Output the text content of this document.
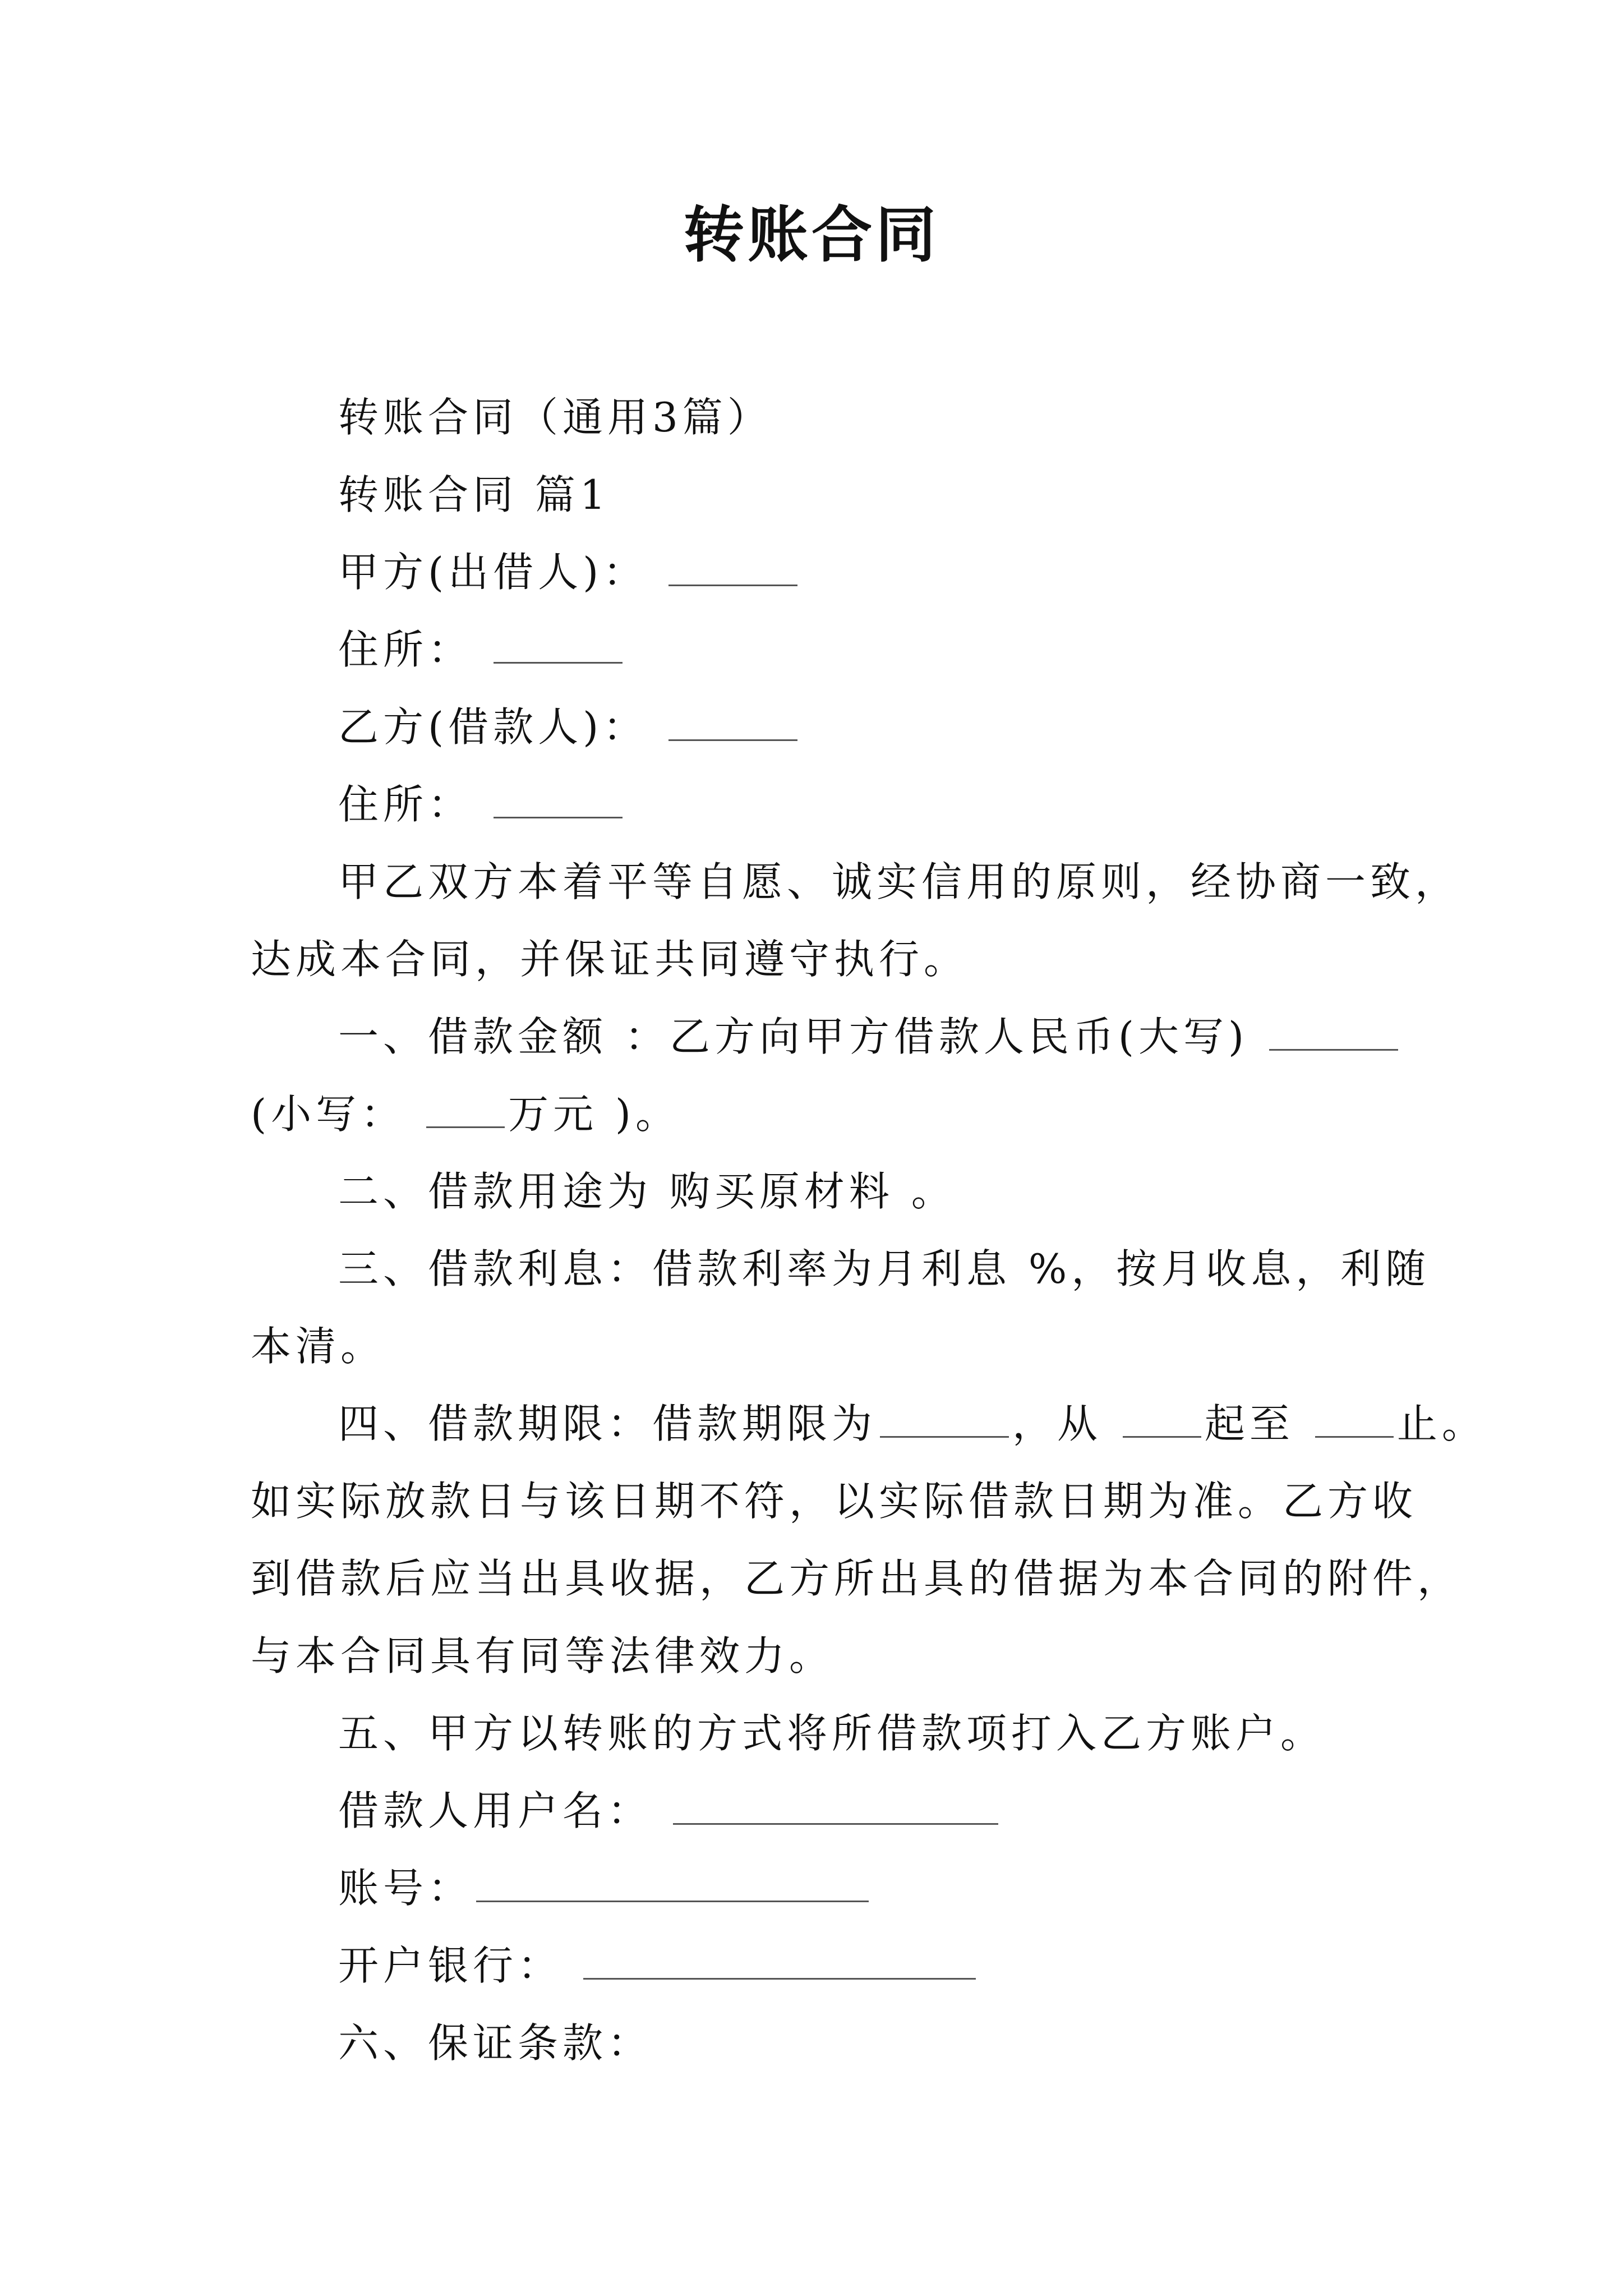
转账合同
转账合同（通用3篇）
转账合同 篇1
甲方(出借人)：
住所：
乙方(借款人)：
住所：
甲乙双方本着平等自愿、诚实信用的原则，经协商一致，
达成本合同，并保证共同遵守执行。
一、借款金额 ：乙方向甲方借款人民币(大写)
(小写：	万元 )。
二、借款用途为 购买原材料 。
三、借款利息：借款利率为月利息 %，按月收息，利随
本清。
四、借款期限：借款期限为	，从	起至	止。
如实际放款日与该日期不符，以实际借款日期为准。乙方收
到借款后应当出具收据，乙方所出具的借据为本合同的附件，
与本合同具有同等法律效力。
五、甲方以转账的方式将所借款项打入乙方账户。
借款人用户名：
账号：
开户银行：
六、保证条款：
